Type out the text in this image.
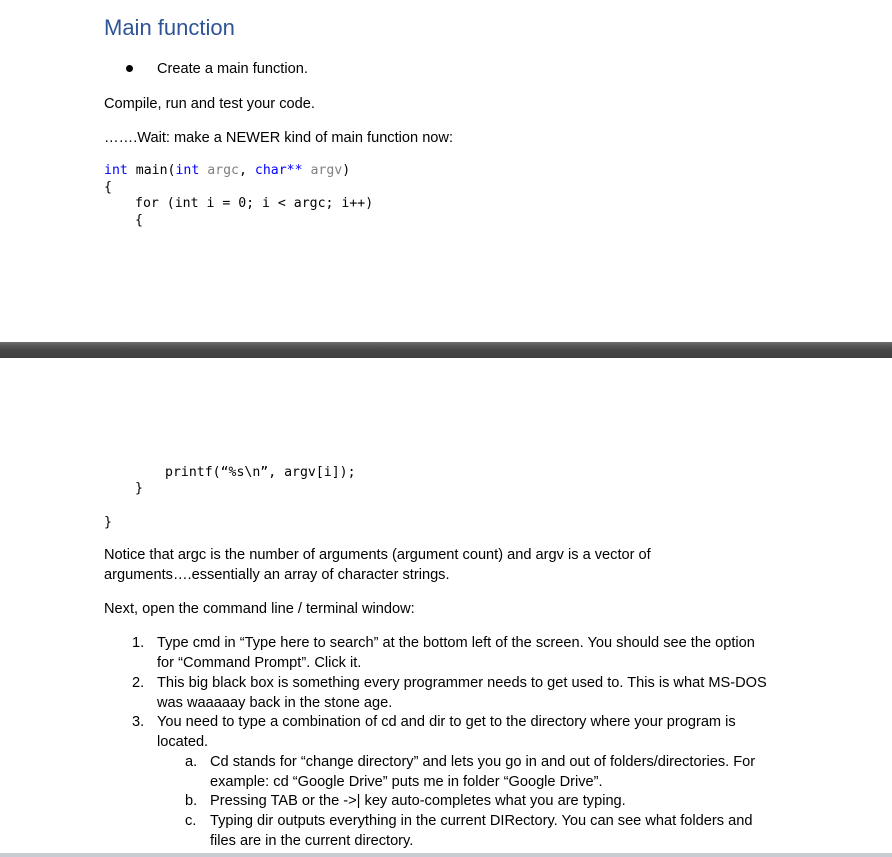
Main function
Create a main function.
Compile, run and test your code.
…….Wait: make a NEWER kind of main function now:
int main(int argc, char** argv)
{
for (int i = 0; i < argc; i++)
{
printf(“%s\n”, argv[i]);
}
}
Notice that argc is the number of arguments (argument count) and argv is a vector of
arguments….essentially an array of character strings.
Next, open the command line / terminal window:
1. Type cmd in “Type here to search” at the bottom left of the screen. You should see the option
for “Command Prompt”. Click it.
2. This big black box is something every programmer needs to get used to. This is what MS-DOS
was waaaaay back in the stone age.
3. You need to type a combination of cd and dir to get to the directory where your program is
located.
a. Cd stands for “change directory” and lets you go in and out of folders/directories. For
example: cd “Google Drive” puts me in folder “Google Drive”.
b. Pressing TAB or the ->| key auto-completes what you are typing.
c. Typing dir outputs everything in the current DIRectory. You can see what folders and
files are in the current directory.
